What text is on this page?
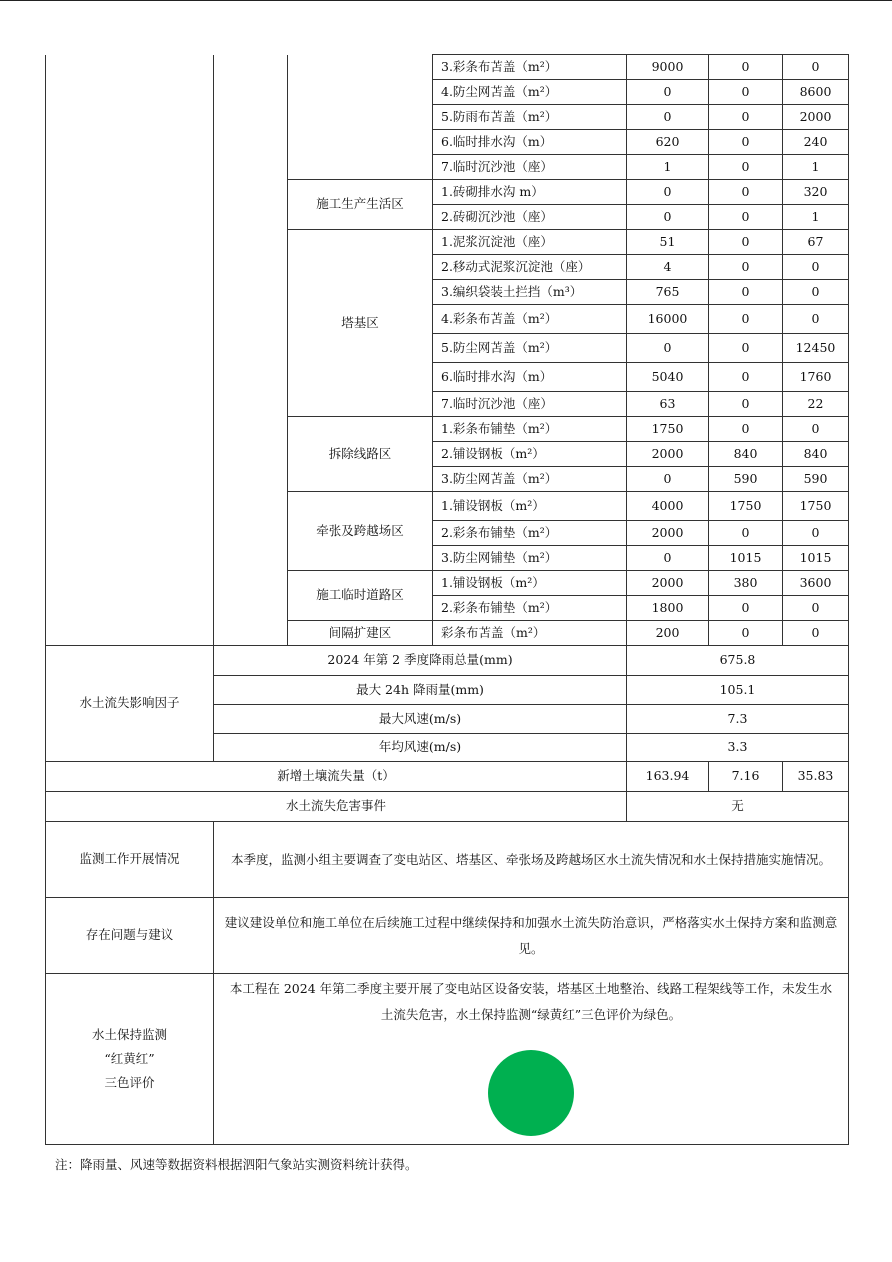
			3.彩条布苫盖（m²）	9000	0	0
			4.防尘网苫盖（m²）	0	0	8600
			5.防雨布苫盖（m²）	0	0	2000
			6.临时排水沟（m）	620	0	240
			7.临时沉沙池（座）	1	0	1
		施工生产生活区	1.砖砌排水沟 m）	0	0	320
			2.砖砌沉沙池（座）	0	0	1
		塔基区	1.泥浆沉淀池（座）	51	0	67
			2.移动式泥浆沉淀池（座）	4	0	0
			3.编织袋装土拦挡（m³）	765	0	0
			4.彩条布苫盖（m²）	16000	0	0
			5.防尘网苫盖（m²）	0	0	12450
			6.临时排水沟（m）	5040	0	1760
			7.临时沉沙池（座）	63	0	22
		拆除线路区	1.彩条布铺垫（m²）	1750	0	0
			2.铺设钢板（m²）	2000	840	840
			3.防尘网苫盖（m²）	0	590	590
		牵张及跨越场区	1.铺设钢板（m²）	4000	1750	1750
			2.彩条布铺垫（m²）	2000	0	0
			3.防尘网铺垫（m²）	0	1015	1015
		施工临时道路区	1.铺设钢板（m²）	2000	380	3600
			2.彩条布铺垫（m²）	1800	0	0
		间隔扩建区	彩条布苫盖（m²）	200	0	0
水土流失影响因子	2024 年第 2 季度降雨总量(mm)			675.8		
	最大 24h 降雨量(mm)			105.1		
	最大风速(m/s)			7.3		
	年均风速(m/s)			3.3		
新增土壤流失量（t）				163.94	7.16	35.83
水土流失危害事件				无		
监测工作开展情况	本季度，监测小组主要调查了变电站区、塔基区、牵张场及跨越场区水土流失情况和水土保持措施实施情况。					
存在问题与建议	建议建设单位和施工单位在后续施工过程中继续保持和加强水土流失防治意识，严格落实水土保持方案和监测意见。					

水土保持监测
“红黄红”
三色评价	本工程在 2024 年第二季度主要开展了变电站区设备安装，塔基区土地整治、线路工程架线等工作，未发生水土流失危害，水土保持监测“绿黄红”三色评价为绿色。					
注：降雨量、风速等数据资料根据泗阳气象站实测资料统计获得。
